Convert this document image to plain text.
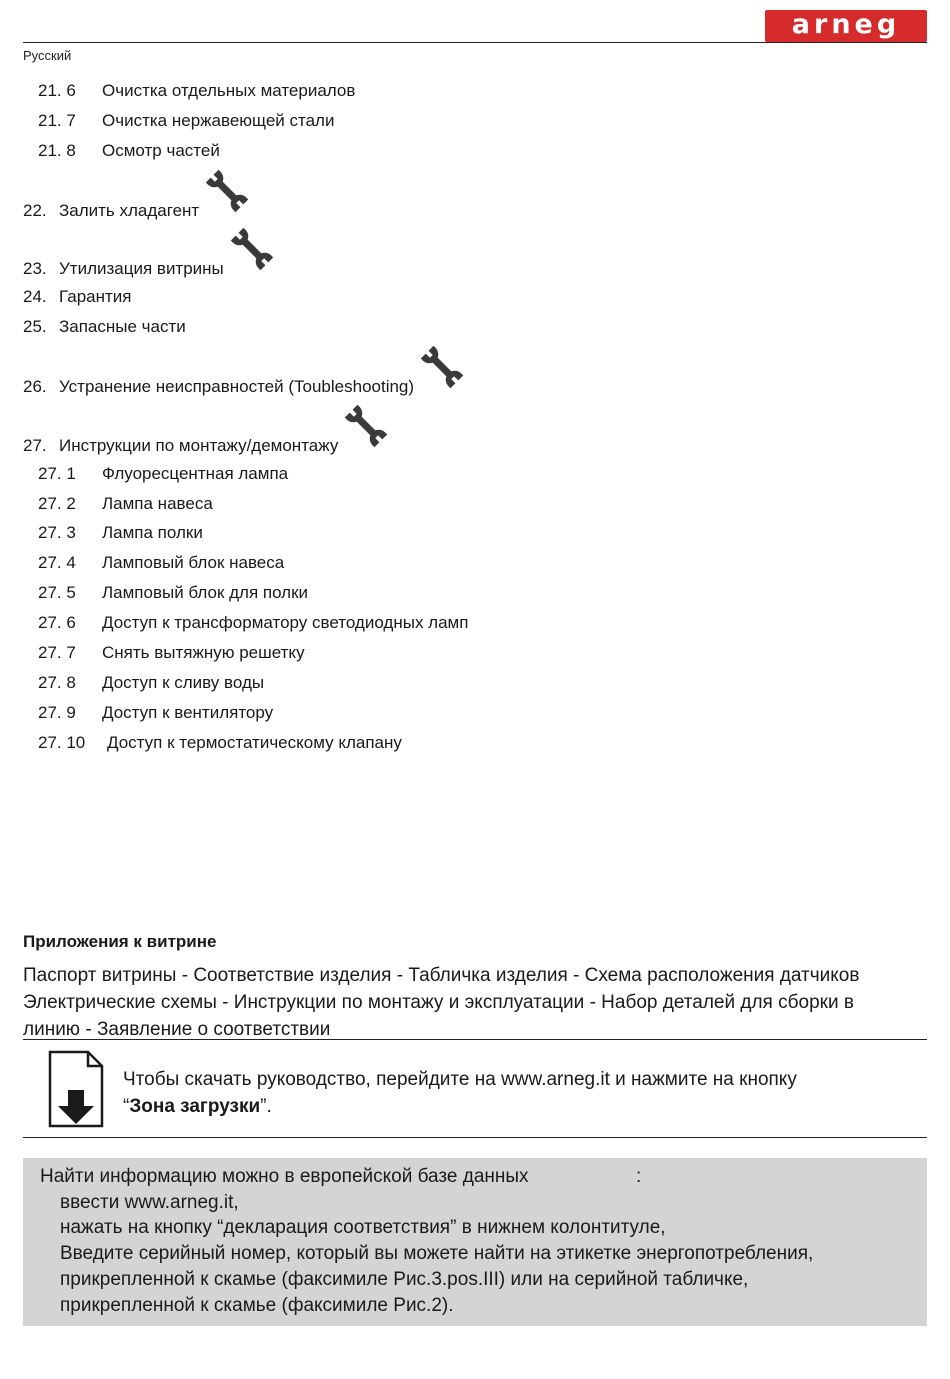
arneg
Русский
21. 6	Очистка отдельных материалов
21. 7	Очистка нержавеющей стали
21. 8	Осмотр частей
22. Залить хладагент
23. Утилизация витрины
24. Гарантия
25. Запасные части
26. Устранение неисправностей (Toubleshooting)
27. Инструкции по монтажу/демонтажу
27. 1	Флуоресцентная лампа
27. 2	Лампа навеса
27. 3	Лампа полки
27. 4	Ламповый блок навеса
27. 5	Ламповый блок для полки
27. 6	Доступ к трансформатору светодиодных ламп
27. 7	Снять вытяжную решетку
27. 8	Доступ к сливу воды
27. 9	Доступ к вентилятору
27. 10	Доступ к термостатическому клапану
Приложения к витрине
Паспорт витрины - Соответствие изделия - Табличка изделия - Схема расположения датчиков
Электрические схемы - Инструкции по монтажу и эксплуатации - Набор деталей для сборки в
линию - Заявление о соответствии
Чтобы скачать руководство, перейдите на www.arneg.it и нажмите на кнопку
“Зона загрузки”.
Найти информацию можно в европейской базе данных	:
ввести www.arneg.it,
нажать на кнопку “декларация соответствия” в нижнем колонтитуле,
Введите серийный номер, который вы можете найти на этикетке энергопотребления,
прикрепленной к скамье (факсимиле Рис.3.pos.III) или на серийной табличке,
прикрепленной к скамье (факсимиле Рис.2).
